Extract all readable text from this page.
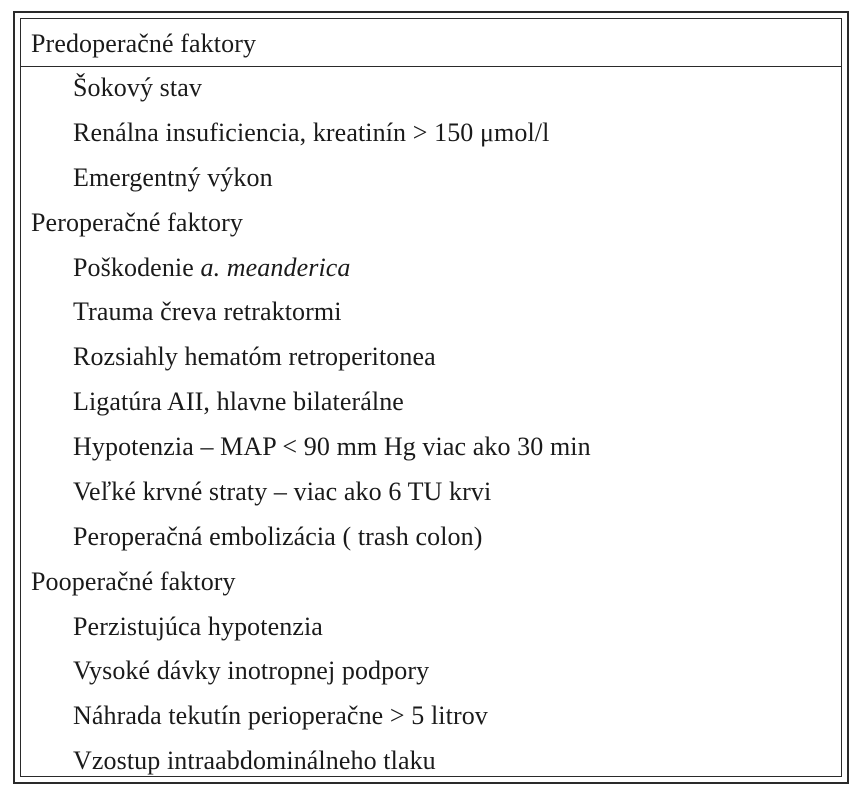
Predoperačné faktory
Šokový stav
Renálna insuficiencia, kreatinín > 150 μmol/l
Emergentný výkon
Peroperačné faktory
Poškodenie a. meanderica
Trauma čreva retraktormi
Rozsiahly hematóm retroperitonea
Ligatúra AII, hlavne bilaterálne
Hypotenzia – MAP < 90 mm Hg viac ako 30 min
Veľké krvné straty – viac ako 6 TU krvi
Peroperačná embolizácia ( trash colon)
Pooperačné faktory
Perzistujúca hypotenzia
Vysoké dávky inotropnej podpory
Náhrada tekutín perioperačne > 5 litrov
Vzostup intraabdominálneho tlaku
